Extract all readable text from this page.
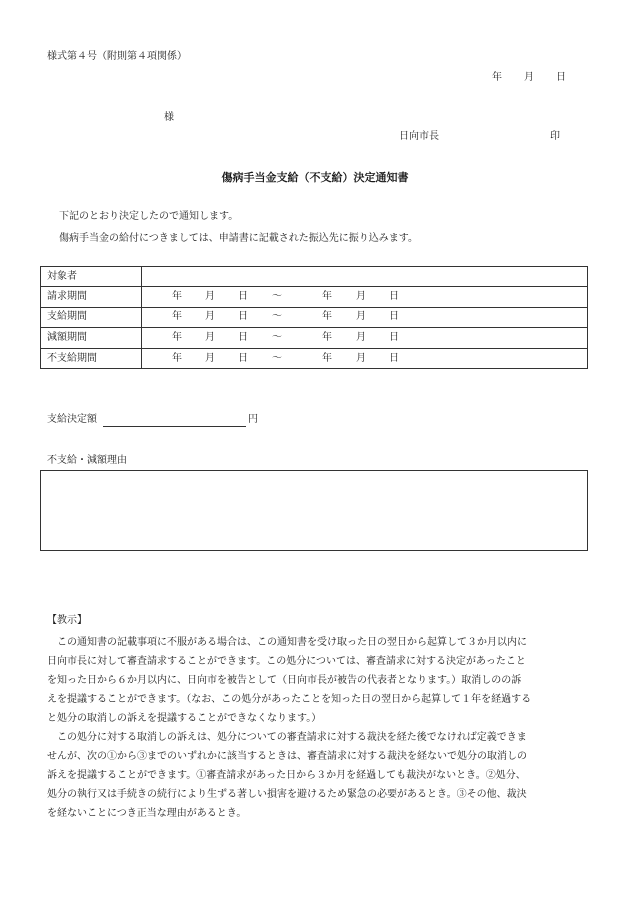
様式第４号（附則第４項関係）
年 月 日
様
日向市長	印
傷病手当金支給（不支給）決定通知書
下記のとおり決定したので通知します。
傷病手当金の給付につきましては、申請書に記載された振込先に振り込みます。
対象者
請求期間	年 月 日 ～	年 月 日
支給期間	年 月 日 ～	年 月 日
減額期間	年 月 日 ～	年 月 日
不支給期間	年 月 日 ～	年 月 日
支給決定額	円
不支給・減額理由
【教示】
　この通知書の記載事項に不服がある場合は、この通知書を受け取った日の翌日から起算して３か月以内に
日向市長に対して審査請求することができます。この処分については、審査請求に対する決定があったこと
を知った日から６か月以内に、日向市を被告として（日向市長が被告の代表者となります。）取消しのの訴
えを提議することができます。（なお、この処分があったことを知った日の翌日から起算して１年を経過する
と処分の取消しの訴えを提議することができなくなります。）
　この処分に対する取消しの訴えは、処分についての審査請求に対する裁決を経た後でなければ定義できま
せんが、次の①から③までのいずれかに該当するときは、審査請求に対する裁決を経ないで処分の取消しの
訴えを提議することができます。①審査請求があった日から３か月を経過しても裁決がないとき。②処分、
処分の執行又は手続きの続行により生ずる著しい損害を避けるため緊急の必要があるとき。③その他、裁決
を経ないことにつき正当な理由があるとき。
